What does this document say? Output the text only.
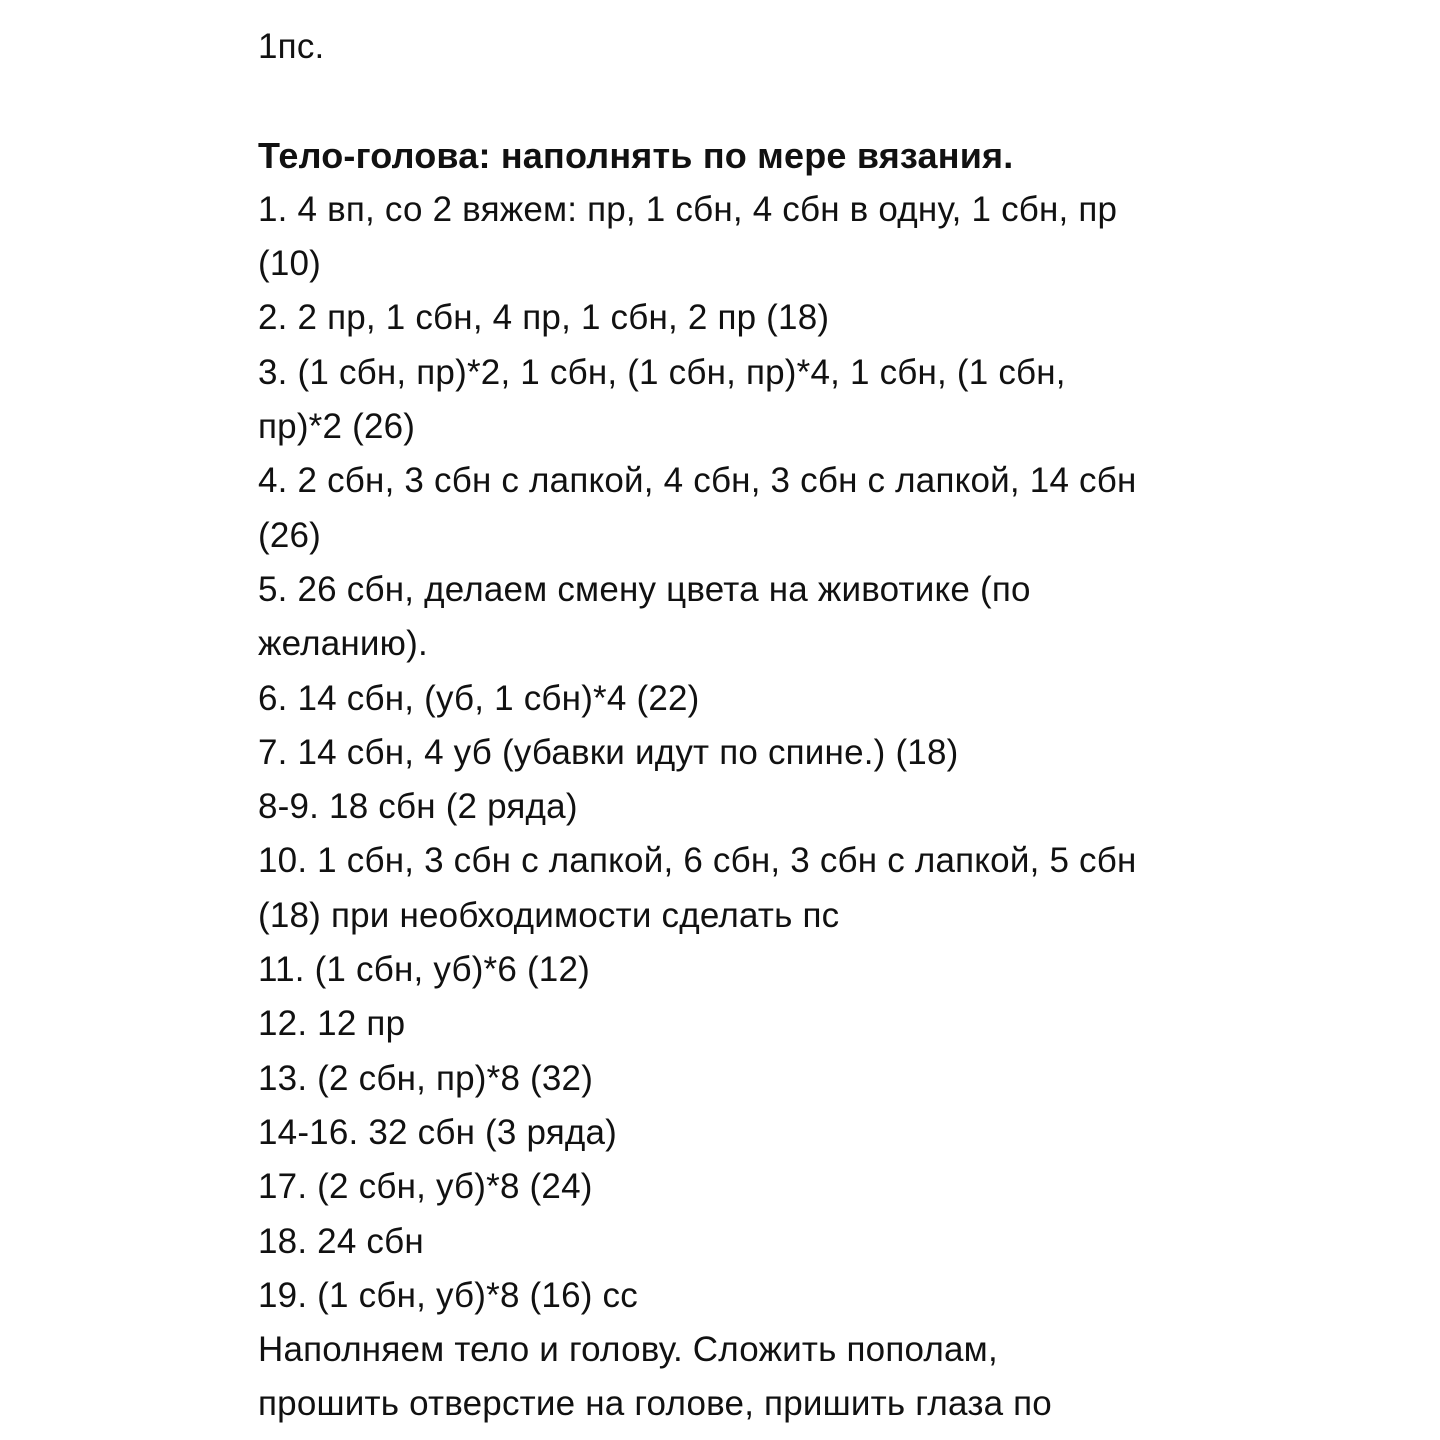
1пс.
Тело-голова: наполнять по мере вязания.
1. 4 вп, со 2 вяжем: пр, 1 сбн, 4 сбн в одну, 1 сбн, пр
(10)
2. 2 пр, 1 сбн, 4 пр, 1 сбн, 2 пр (18)
3. (1 сбн, пр)*2, 1 сбн, (1 сбн, пр)*4, 1 сбн, (1 сбн,
пр)*2 (26)
4. 2 сбн, 3 сбн с лапкой, 4 сбн, 3 сбн с лапкой, 14 сбн
(26)
5. 26 сбн, делаем смену цвета на животике (по
желанию).
6. 14 сбн, (уб, 1 сбн)*4 (22)
7. 14 сбн, 4 уб (убавки идут по спине.) (18)
8-9. 18 сбн (2 ряда)
10. 1 сбн, 3 сбн с лапкой, 6 сбн, 3 сбн с лапкой, 5 сбн
(18) при необходимости сделать пс
11. (1 сбн, уб)*6 (12)
12. 12 пр
13. (2 сбн, пр)*8 (32)
14-16. 32 сбн (3 ряда)
17. (2 сбн, уб)*8 (24)
18. 24 сбн
19. (1 сбн, уб)*8 (16) сс
Наполняем тело и голову. Сложить пополам,
прошить отверстие на голове, пришить глаза по
